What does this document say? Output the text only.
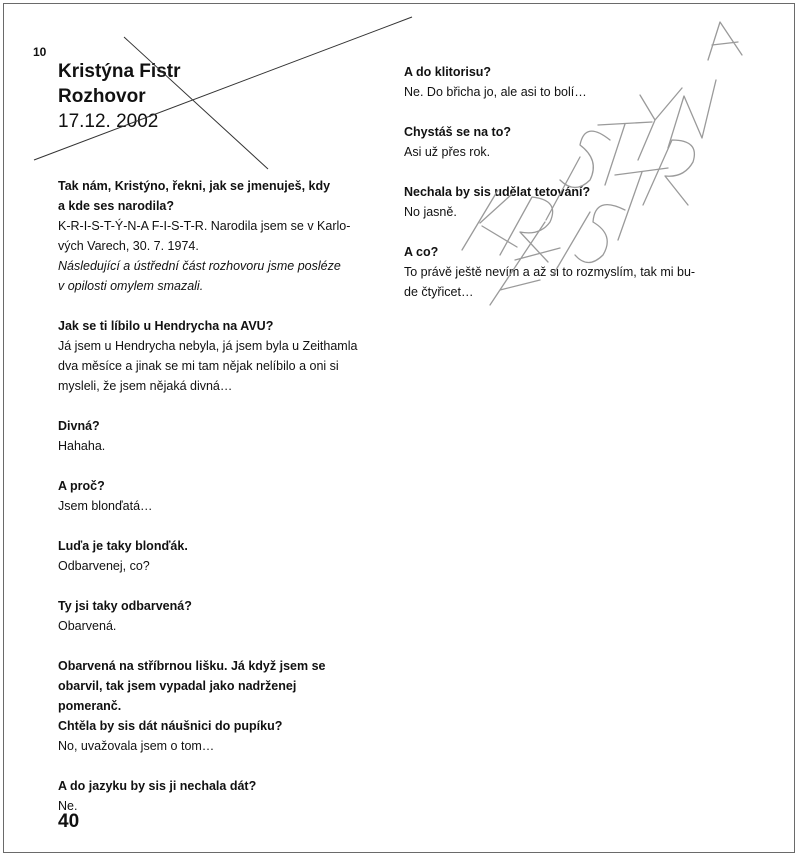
10
Kristýna Fistr
Rozhovor
17.12. 2002
Tak nám, Kristýno, řekni, jak se jmenuješ, kdy
a kde ses narodila?
K-R-I-S-T-Ý-N-A F-I-S-T-R. Narodila jsem se v Karlo-
vých Varech, 30. 7. 1974.
Následující a ústřední část rozhovoru jsme posléze
v opilosti omylem smazali.
Jak se ti líbilo u Hendrycha na AVU?
Já jsem u Hendrycha nebyla, já jsem byla u Zeithamla
dva měsíce a jinak se mi tam nějak nelíbilo a oni si
mysleli, že jsem nějaká divná…
Divná?
Hahaha.
A proč?
Jsem blonďatá…
Luďa je taky blonďák.
Odbarvenej, co?
Ty jsi taky odbarvená?
Obarvená.
Obarvená na stříbrnou lišku. Já když jsem se
obarvil, tak jsem vypadal jako nadrženej
pomeranč.
Chtěla by sis dát náušnici do pupíku?
No, uvažovala jsem o tom…
A do jazyku by sis ji nechala dát?
Ne.
A do klitorisu?
Ne. Do břicha jo, ale asi to bolí…
Chystáš se na to?
Asi už přes rok.
Nechala by sis udělat tetování?
No jasně.
A co?
To právě ještě nevím a až si to rozmyslím, tak mi bu-
de čtyřicet…
40
